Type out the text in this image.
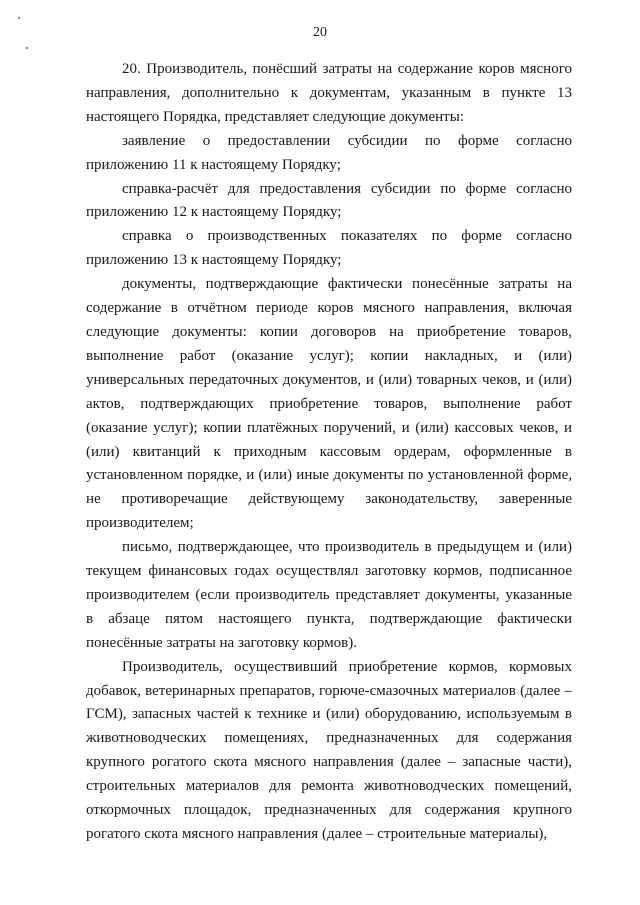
20

20. Производитель, понёсший затраты на содержание коров мясного направления, дополнительно к документам, указанным в пункте 13 настоящего Порядка, представляет следующие документы:

заявление о предоставлении субсидии по форме согласно приложению 11 к настоящему Порядку;

справка-расчёт для предоставления субсидии по форме согласно приложению 12 к настоящему Порядку;

справка о производственных показателях по форме согласно приложению 13 к настоящему Порядку;

документы, подтверждающие фактически понесённые затраты на содержание в отчётном периоде коров мясного направления, включая следующие документы: копии договоров на приобретение товаров, выполнение работ (оказание услуг); копии накладных, и (или) универсальных передаточных документов, и (или) товарных чеков, и (или) актов, подтверждающих приобретение товаров, выполнение работ (оказание услуг); копии платёжных поручений, и (или) кассовых чеков, и (или) квитанций к приходным кассовым ордерам, оформленные в установленном порядке, и (или) иные документы по установленной форме, не противоречащие действующему законодательству, заверенные производителем;

письмо, подтверждающее, что производитель в предыдущем и (или) текущем финансовых годах осуществлял заготовку кормов, подписанное производителем (если производитель представляет документы, указанные в абзаце пятом настоящего пункта, подтверждающие фактически понесённые затраты на заготовку кормов).

Производитель, осуществивший приобретение кормов, кормовых добавок, ветеринарных препаратов, горюче-смазочных материалов (далее – ГСМ), запасных частей к технике и (или) оборудованию, используемым в животноводческих помещениях, предназначенных для содержания крупного рогатого скота мясного направления (далее – запасные части), строительных материалов для ремонта животноводческих помещений, откормочных площадок, предназначенных для содержания крупного рогатого скота мясного направления (далее – строительные материалы),
